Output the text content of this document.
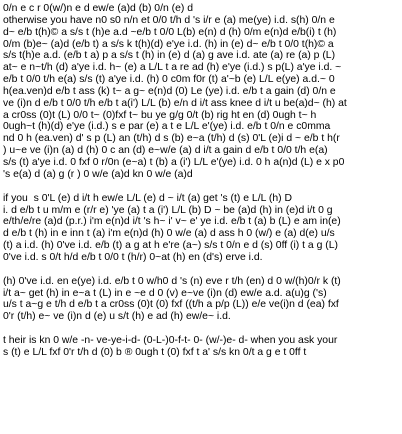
0/n e c r 0(w/)n e d ew/e (a)d (b) 0/n (e) d
otherwise you have n0 s0 n/n et 0/0 t/h d 's i/r e (a) me(ye) i.d. s(h) 0/n e
d~ e/b t(h)© a s/s t (h)e a.d ~e/b t 0/0 L(b) e(n) d (h) 0/m e(n)d e/b(i) t (h)
0/m (b)e~ (a)d (e/b t) a s/s k t(h)(d) e'ye i.d. (h) in (e) d~ e/b t 0/0 t(h)© a
s/s t(h)e a.d. (e/b t a) p a s/s t (h) in (e) d (a) g ave i.d. ate (a) re (a) p (L)
at~ e n~t/h (d) a'ye i.d. h~ (e) a L/L t a re ad (h) e'ye (i.d.) s p(L) a'ye i.d. ~
e/b t 0/0 t/h e(a) s/s (t) a'ye i.d. (h) 0 c0m f0r (t) a'~b (e) L/L e(ye) a.d.~ 0
h(ea.ven)d e/b t ass (k) t~ a g~ e(n)d (0) Le (ye) i.d. e/b t a gain (d) 0/n e
ve (i)n d e/b t 0/0 t/h e/b t a(i') L/L (b) e/n d i/t ass knee d i/t u be(a)d~ (h) at
a cr0ss (0)t (L) 0/0 t~ (0)fxf t~ bu ye g/g 0/t (b) rig ht en (d) 0ugh t~ h
0ugh~t (h)(d) e'ye (i.d.) s e par (e) a t e L/L e'(ye) i.d. e/b t 0/n e c0mma
nd 0 h (ea.ven) d' s p (L) an (t/h) d s (b) e~a (t/h) d (s) 0'L (e)i d ~ e/b t h(r
) u~e ve (i)n (a) d (h) 0 c an (d) e~w/e (a) d i/t a gain d e/b t 0/0 t/h e(a)
s/s (t) a'ye i.d. 0 fxf 0 r/0n (e~a) t (b) a (i') L/L e'(ye) i.d. 0 h a(n)d (L) e x p0
's e(a) d (a) g (r ) 0 w/e (a)d kn 0 w/e (a)d
if you  s 0'L (e) d i/t h ew/e L/L (e) d ~ i/t (a) get 's (t) e L/L (h) D
i. d e/b t u m/m e (r/r e) 'ye (a) t a (i') L/L (b) D ~ be (a)d (h) in (e)d i/t 0 g
e/th/e/re (a)d (p.r.) i'm e(n)d i/t 's h~ i' v~ e' ye i.d. e/b t (a) b (L) e am in(e)
d e/b t (h) in e inn t (a) i'm e(n)d (h) 0 w/e (a) d ass h 0 (w/) e (a) d(e) u/s
(t) a i.d. (h) 0've i.d. e/b (t) a g at h e're (a~) s/s t 0/n e d (s) 0ff (i) t a g (L)
0've i.d. s 0/t h/d e/b t 0/0 t (h/r) 0~at (h) en (d's) erve i.d.
(h) 0've i.d. en e(ye) i.d. e/b t 0 w/h0 d 's (n) eve r t/h (en) d 0 w/(h)0/r k (t)
i/t a~ get (h) in e~a t (L) in e ~e d 0 (v) e~ve (i)n (d) ew/e a.d. a(u)g ('s)
u/s t a~g e t/h d e/b t a cr0ss (0)t (0) fxf ((t/h a p/p (L)) e/e ve(i)n d (ea) fxf
0'r (t/h) e~ ve (i)n d (e) u s/t (h) e ad (h) ew/e~ i.d.
t heir is kn 0 w/e -n- ve-ye-i-d- (0-L-)0-f-t- 0- (w/-)e- d- when you ask your
s (t) e L/L fxf 0'r t/h d (0) b ® 0ugh t (0) fxf t a' s/s kn 0/t a g e t 0ff t
